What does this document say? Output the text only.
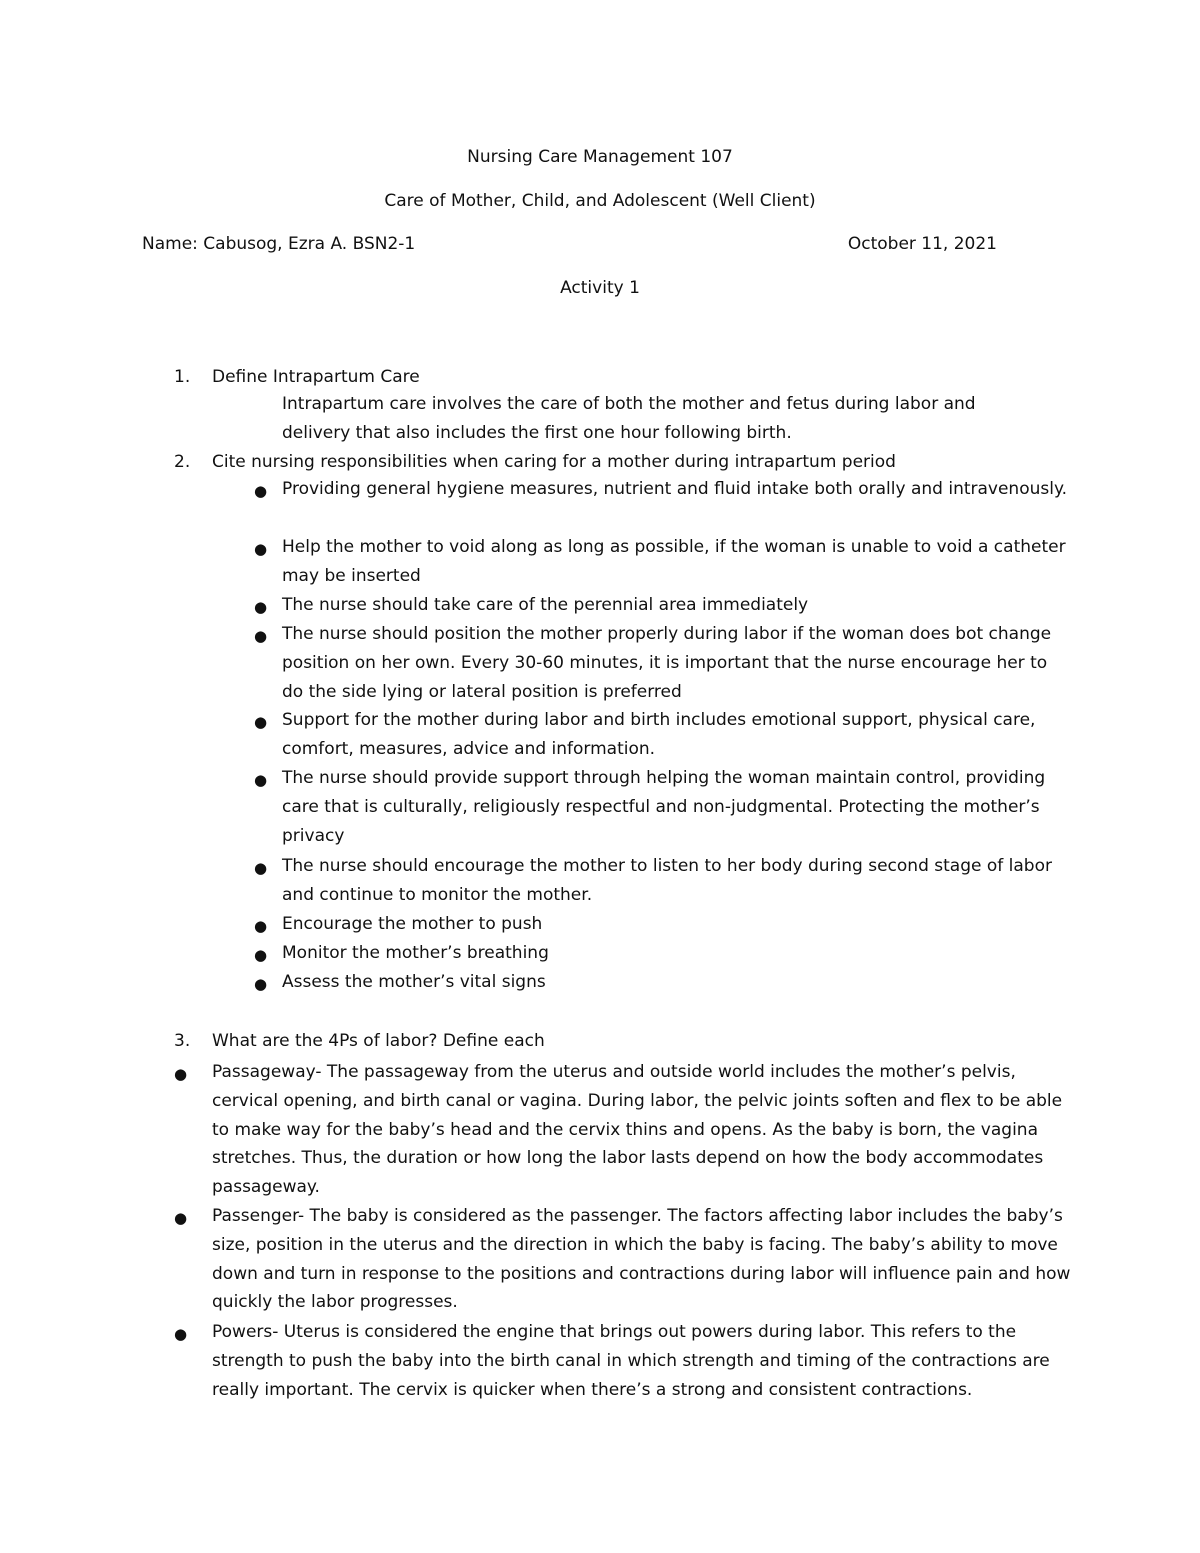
Nursing Care Management 107
Care of Mother, Child, and Adolescent (Well Client)
Name: Cabusog, Ezra A. BSN2-1	October 11, 2021
Activity 1
1. Define Intrapartum Care

Intrapartum care involves the care of both the mother and fetus during labor and delivery that also includes the first one hour following birth.

2. Cite nursing responsibilities when caring for a mother during intrapartum period
● Providing general hygiene measures, nutrient and fluid intake both orally and intravenously.

● Help the mother to void along as long as possible, if the woman is unable to void a catheter may be inserted

● The nurse should take care of the perennial area immediately

● The nurse should position the mother properly during labor if the woman does bot change position on her own. Every 30-60 minutes, it is important that the nurse encourage her to do the side lying or lateral position is preferred

● Support for the mother during labor and birth includes emotional support, physical care, comfort, measures, advice and information.

● The nurse should provide support through helping the woman maintain control, providing care that is culturally, religiously respectful and non-judgmental. Protecting the mother’s privacy

● The nurse should encourage the mother to listen to her body during second stage of labor and continue to monitor the mother.

● Encourage the mother to push

● Monitor the mother’s breathing

● Assess the mother’s vital signs

3. What are the 4Ps of labor? Define each
● Passageway- The passageway from the uterus and outside world includes the mother’s pelvis, cervical opening, and birth canal or vagina. During labor, the pelvic joints soften and flex to be able to make way for the baby’s head and the cervix thins and opens. As the baby is born, the vagina stretches. Thus, the duration or how long the labor lasts depend on how the body accommodates passageway.

● Passenger- The baby is considered as the passenger. The factors affecting labor includes the baby’s size, position in the uterus and the direction in which the baby is facing. The baby’s ability to move down and turn in response to the positions and contractions during labor will influence pain and how quickly the labor progresses.

● Powers- Uterus is considered the engine that brings out powers during labor. This refers to the strength to push the baby into the birth canal in which strength and timing of the contractions are really important. The cervix is quicker when there’s a strong and consistent contractions.
